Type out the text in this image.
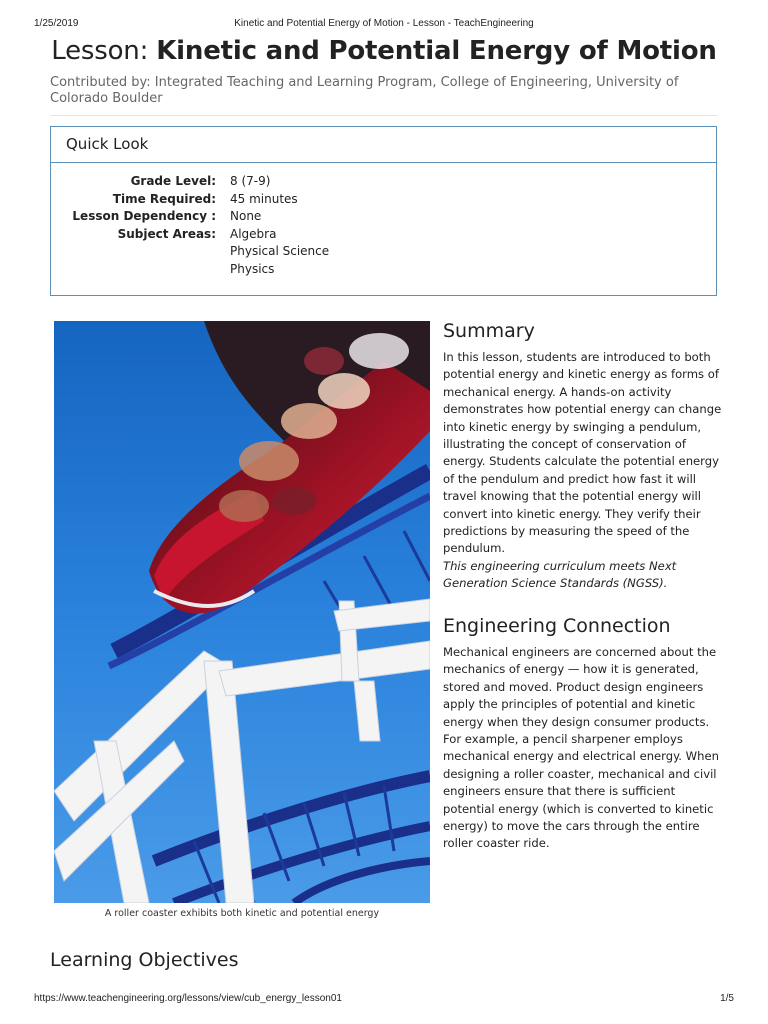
1/25/2019	Kinetic and Potential Energy of Motion - Lesson - TeachEngineering
Lesson: Kinetic and Potential Energy of Motion
Contributed by: Integrated Teaching and Learning Program, College of Engineering, University of Colorado Boulder
Quick Look
Grade Level:	8 (7-9)
Time Required:	45 minutes
Lesson Dependency :	None
Subject Areas:	Algebra
Physical Science
Physics
A roller coaster exhibits both kinetic and potential energy
Summary

In this lesson, students are introduced to both potential energy and kinetic energy as forms of mechanical energy. A hands-on activity demonstrates how potential energy can change into kinetic energy by swinging a pendulum, illustrating the concept of conservation of energy. Students calculate the potential energy of the pendulum and predict how fast it will travel knowing that the potential energy will convert into kinetic energy. They verify their predictions by measuring the speed of the pendulum.

This engineering curriculum meets Next Generation Science Standards (NGSS).

Engineering Connection

Mechanical engineers are concerned about the mechanics of energy — how it is generated, stored and moved. Product design engineers apply the principles of potential and kinetic energy when they design consumer products. For example, a pencil sharpener employs mechanical energy and electrical energy. When designing a roller coaster, mechanical and civil engineers ensure that there is sufficient potential energy (which is converted to kinetic energy) to move the cars through the entire roller coaster ride.

Learning Objectives
https://www.teachengineering.org/lessons/view/cub_energy_lesson01	1/5
